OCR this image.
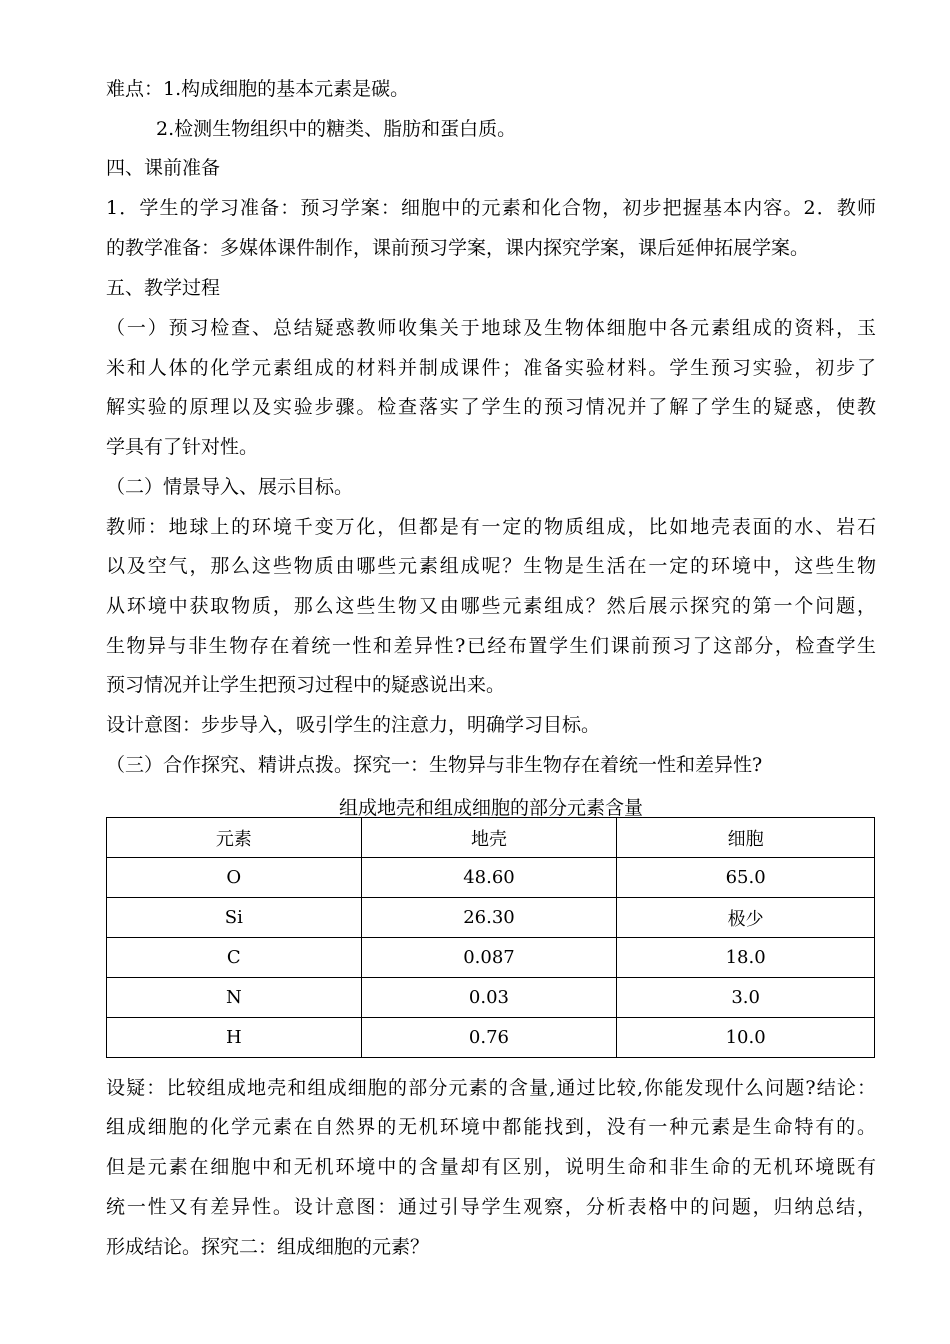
难点：1.构成细胞的基本元素是碳。
2.检测生物组织中的糖类、脂肪和蛋白质。
四、课前准备
1．学生的学习准备：预习学案：细胞中的元素和化合物，初步把握基本内容。2．教师
的教学准备：多媒体课件制作，课前预习学案，课内探究学案，课后延伸拓展学案。
五、教学过程
（一）预习检查、总结疑惑教师收集关于地球及生物体细胞中各元素组成的资料，玉
米和人体的化学元素组成的材料并制成课件；准备实验材料。学生预习实验，初步了
解实验的原理以及实验步骤。检查落实了学生的预习情况并了解了学生的疑惑，使教
学具有了针对性。
（二）情景导入、展示目标。
教师：地球上的环境千变万化，但都是有一定的物质组成，比如地壳表面的水、岩石
以及空气，那么这些物质由哪些元素组成呢？生物是生活在一定的环境中，这些生物
从环境中获取物质，那么这些生物又由哪些元素组成？然后展示探究的第一个问题，
生物异与非生物存在着统一性和差异性?已经布置学生们课前预习了这部分，检查学生
预习情况并让学生把预习过程中的疑惑说出来。
设计意图：步步导入，吸引学生的注意力，明确学习目标。
（三）合作探究、精讲点拨。探究一：生物异与非生物存在着统一性和差异性?
组成地壳和组成细胞的部分元素含量
元素	地壳	细胞
O	48.60	65.0
Si	26.30	极少
C	0.087	18.0
N	0.03	3.0
H	0.76	10.0
设疑：比较组成地壳和组成细胞的部分元素的含量,通过比较,你能发现什么问题?结论：
组成细胞的化学元素在自然界的无机环境中都能找到，没有一种元素是生命特有的。
但是元素在细胞中和无机环境中的含量却有区别，说明生命和非生命的无机环境既有
统一性又有差异性。设计意图：通过引导学生观察，分析表格中的问题，归纳总结，
形成结论。探究二：组成细胞的元素？
